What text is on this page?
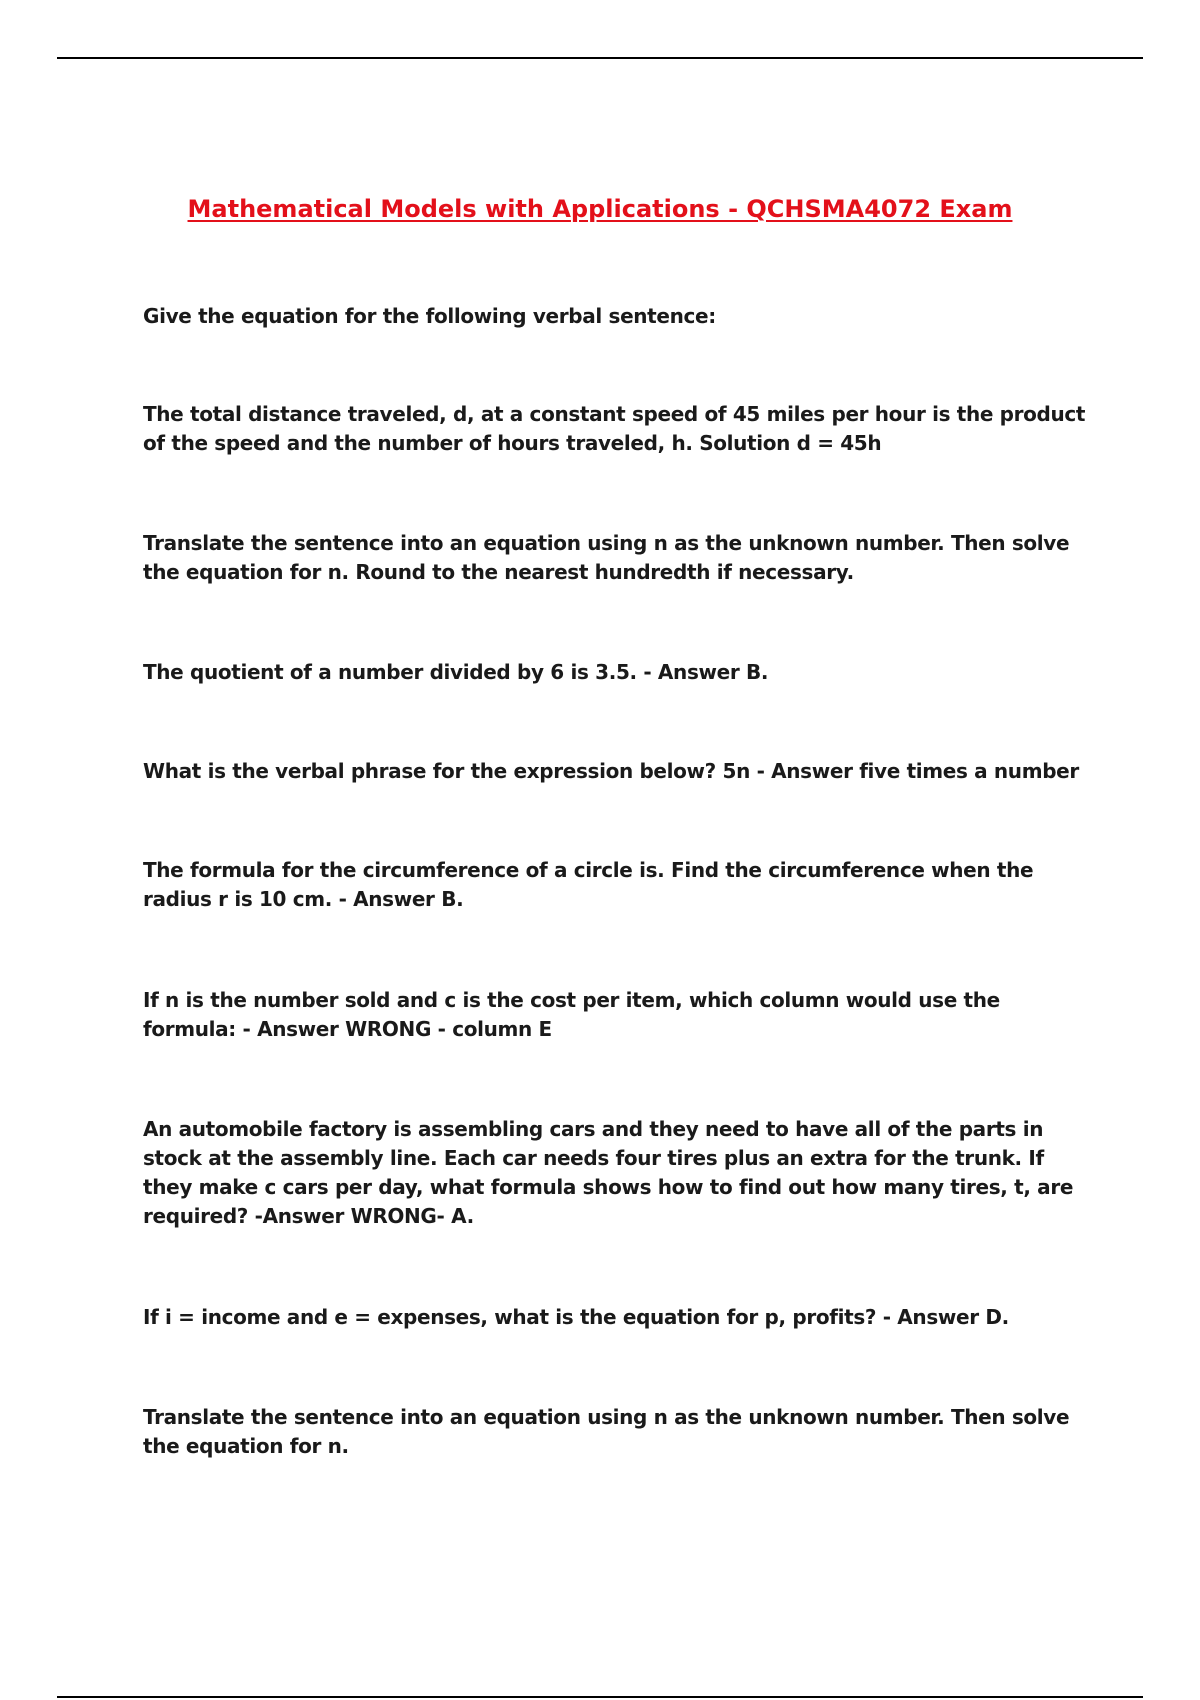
Mathematical Models with Applications - QCHSMA4072 Exam

Give the equation for the following verbal sentence:

The total distance traveled, d, at a constant speed of 45 miles per hour is the product of the speed and the number of hours traveled, h. Solution d = 45h

Translate the sentence into an equation using n as the unknown number. Then solve the equation for n. Round to the nearest hundredth if necessary.

The quotient of a number divided by 6 is 3.5. - Answer B.

What is the verbal phrase for the expression below? 5n - Answer five times a number

The formula for the circumference of a circle is. Find the circumference when the radius r is 10 cm. - Answer B.

If n is the number sold and c is the cost per item, which column would use the formula: - Answer WRONG - column E

An automobile factory is assembling cars and they need to have all of the parts in stock at the assembly line. Each car needs four tires plus an extra for the trunk. If they make c cars per day, what formula shows how to find out how many tires, t, are required? -Answer WRONG- A.

If i = income and e = expenses, what is the equation for p, profits? - Answer D.

Translate the sentence into an equation using n as the unknown number. Then solve the equation for n.
